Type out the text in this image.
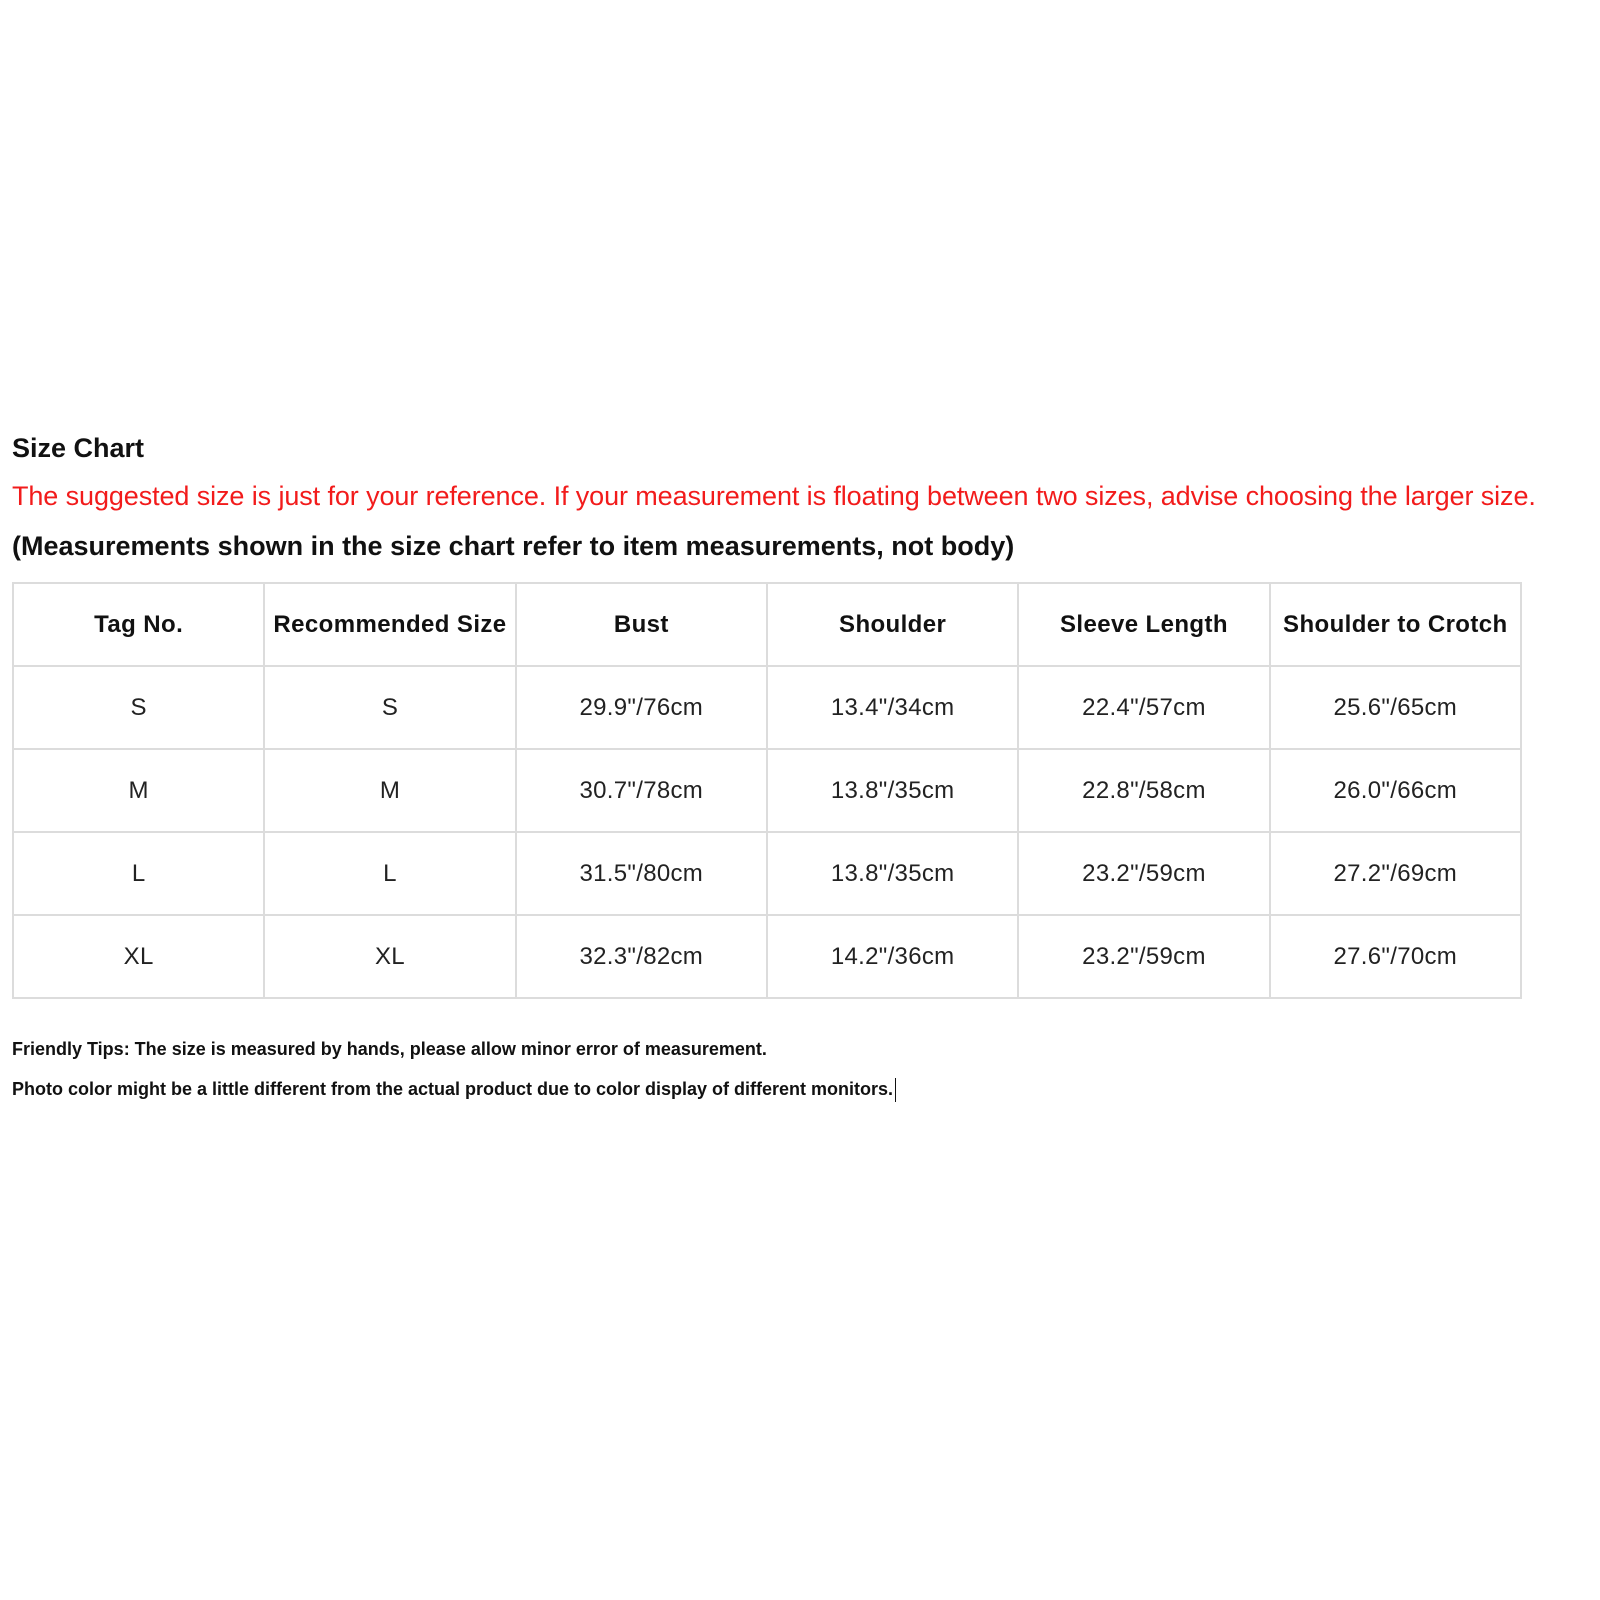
Size Chart
The suggested size is just for your reference. If your measurement is floating between two sizes, advise choosing the larger size.
(Measurements shown in the size chart refer to item measurements, not body)
Tag No.	Recommended Size	Bust	Shoulder	Sleeve Length	Shoulder to Crotch
S	S	29.9"/76cm	13.4"/34cm	22.4"/57cm	25.6"/65cm
M	M	30.7"/78cm	13.8"/35cm	22.8"/58cm	26.0"/66cm
L	L	31.5"/80cm	13.8"/35cm	23.2"/59cm	27.2"/69cm
XL	XL	32.3"/82cm	14.2"/36cm	23.2"/59cm	27.6"/70cm
Friendly Tips: The size is measured by hands, please allow minor error of measurement.
Photo color might be a little different from the actual product due to color display of different monitors.
